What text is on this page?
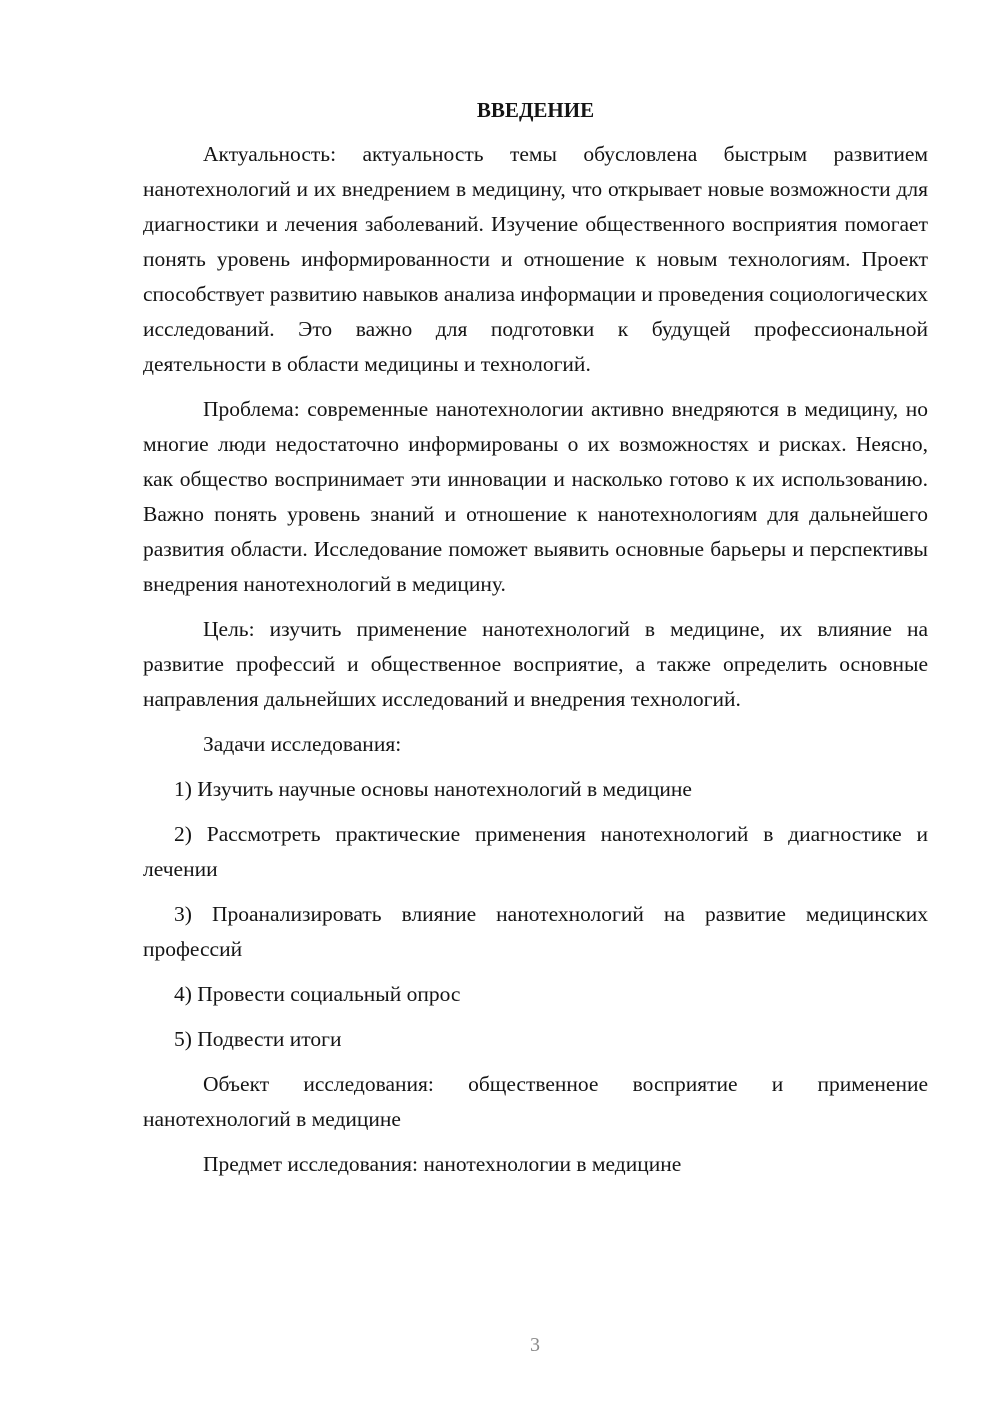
ВВЕДЕНИЕ

Актуальность: актуальность темы обусловлена быстрым развитием нанотехнологий и их внедрением в медицину, что открывает новые возможности для диагностики и лечения заболеваний. Изучение общественного восприятия помогает понять уровень информированности и отношение к новым технологиям. Проект способствует развитию навыков анализа информации и проведения социологических исследований. Это важно для подготовки к будущей профессиональной деятельности в области медицины и технологий.

Проблема: современные нанотехнологии активно внедряются в медицину, но многие люди недостаточно информированы о их возможностях и рисках. Неясно, как общество воспринимает эти инновации и насколько готово к их использованию. Важно понять уровень знаний и отношение к нанотехнологиям для дальнейшего развития области. Исследование поможет выявить основные барьеры и перспективы внедрения нанотехнологий в медицину.

Цель: изучить применение нанотехнологий в медицине, их влияние на развитие профессий и общественное восприятие, а также определить основные направления дальнейших исследований и внедрения технологий.

Задачи исследования:

1) Изучить научные основы нанотехнологий в медицине

2) Рассмотреть практические применения нанотехнологий в диагностике и лечении

3) Проанализировать влияние нанотехнологий на развитие медицинских профессий

4) Провести социальный опрос

5) Подвести итоги

Объект исследования: общественное восприятие и применение нанотехнологий в медицине

Предмет исследования: нанотехнологии в медицине

3
